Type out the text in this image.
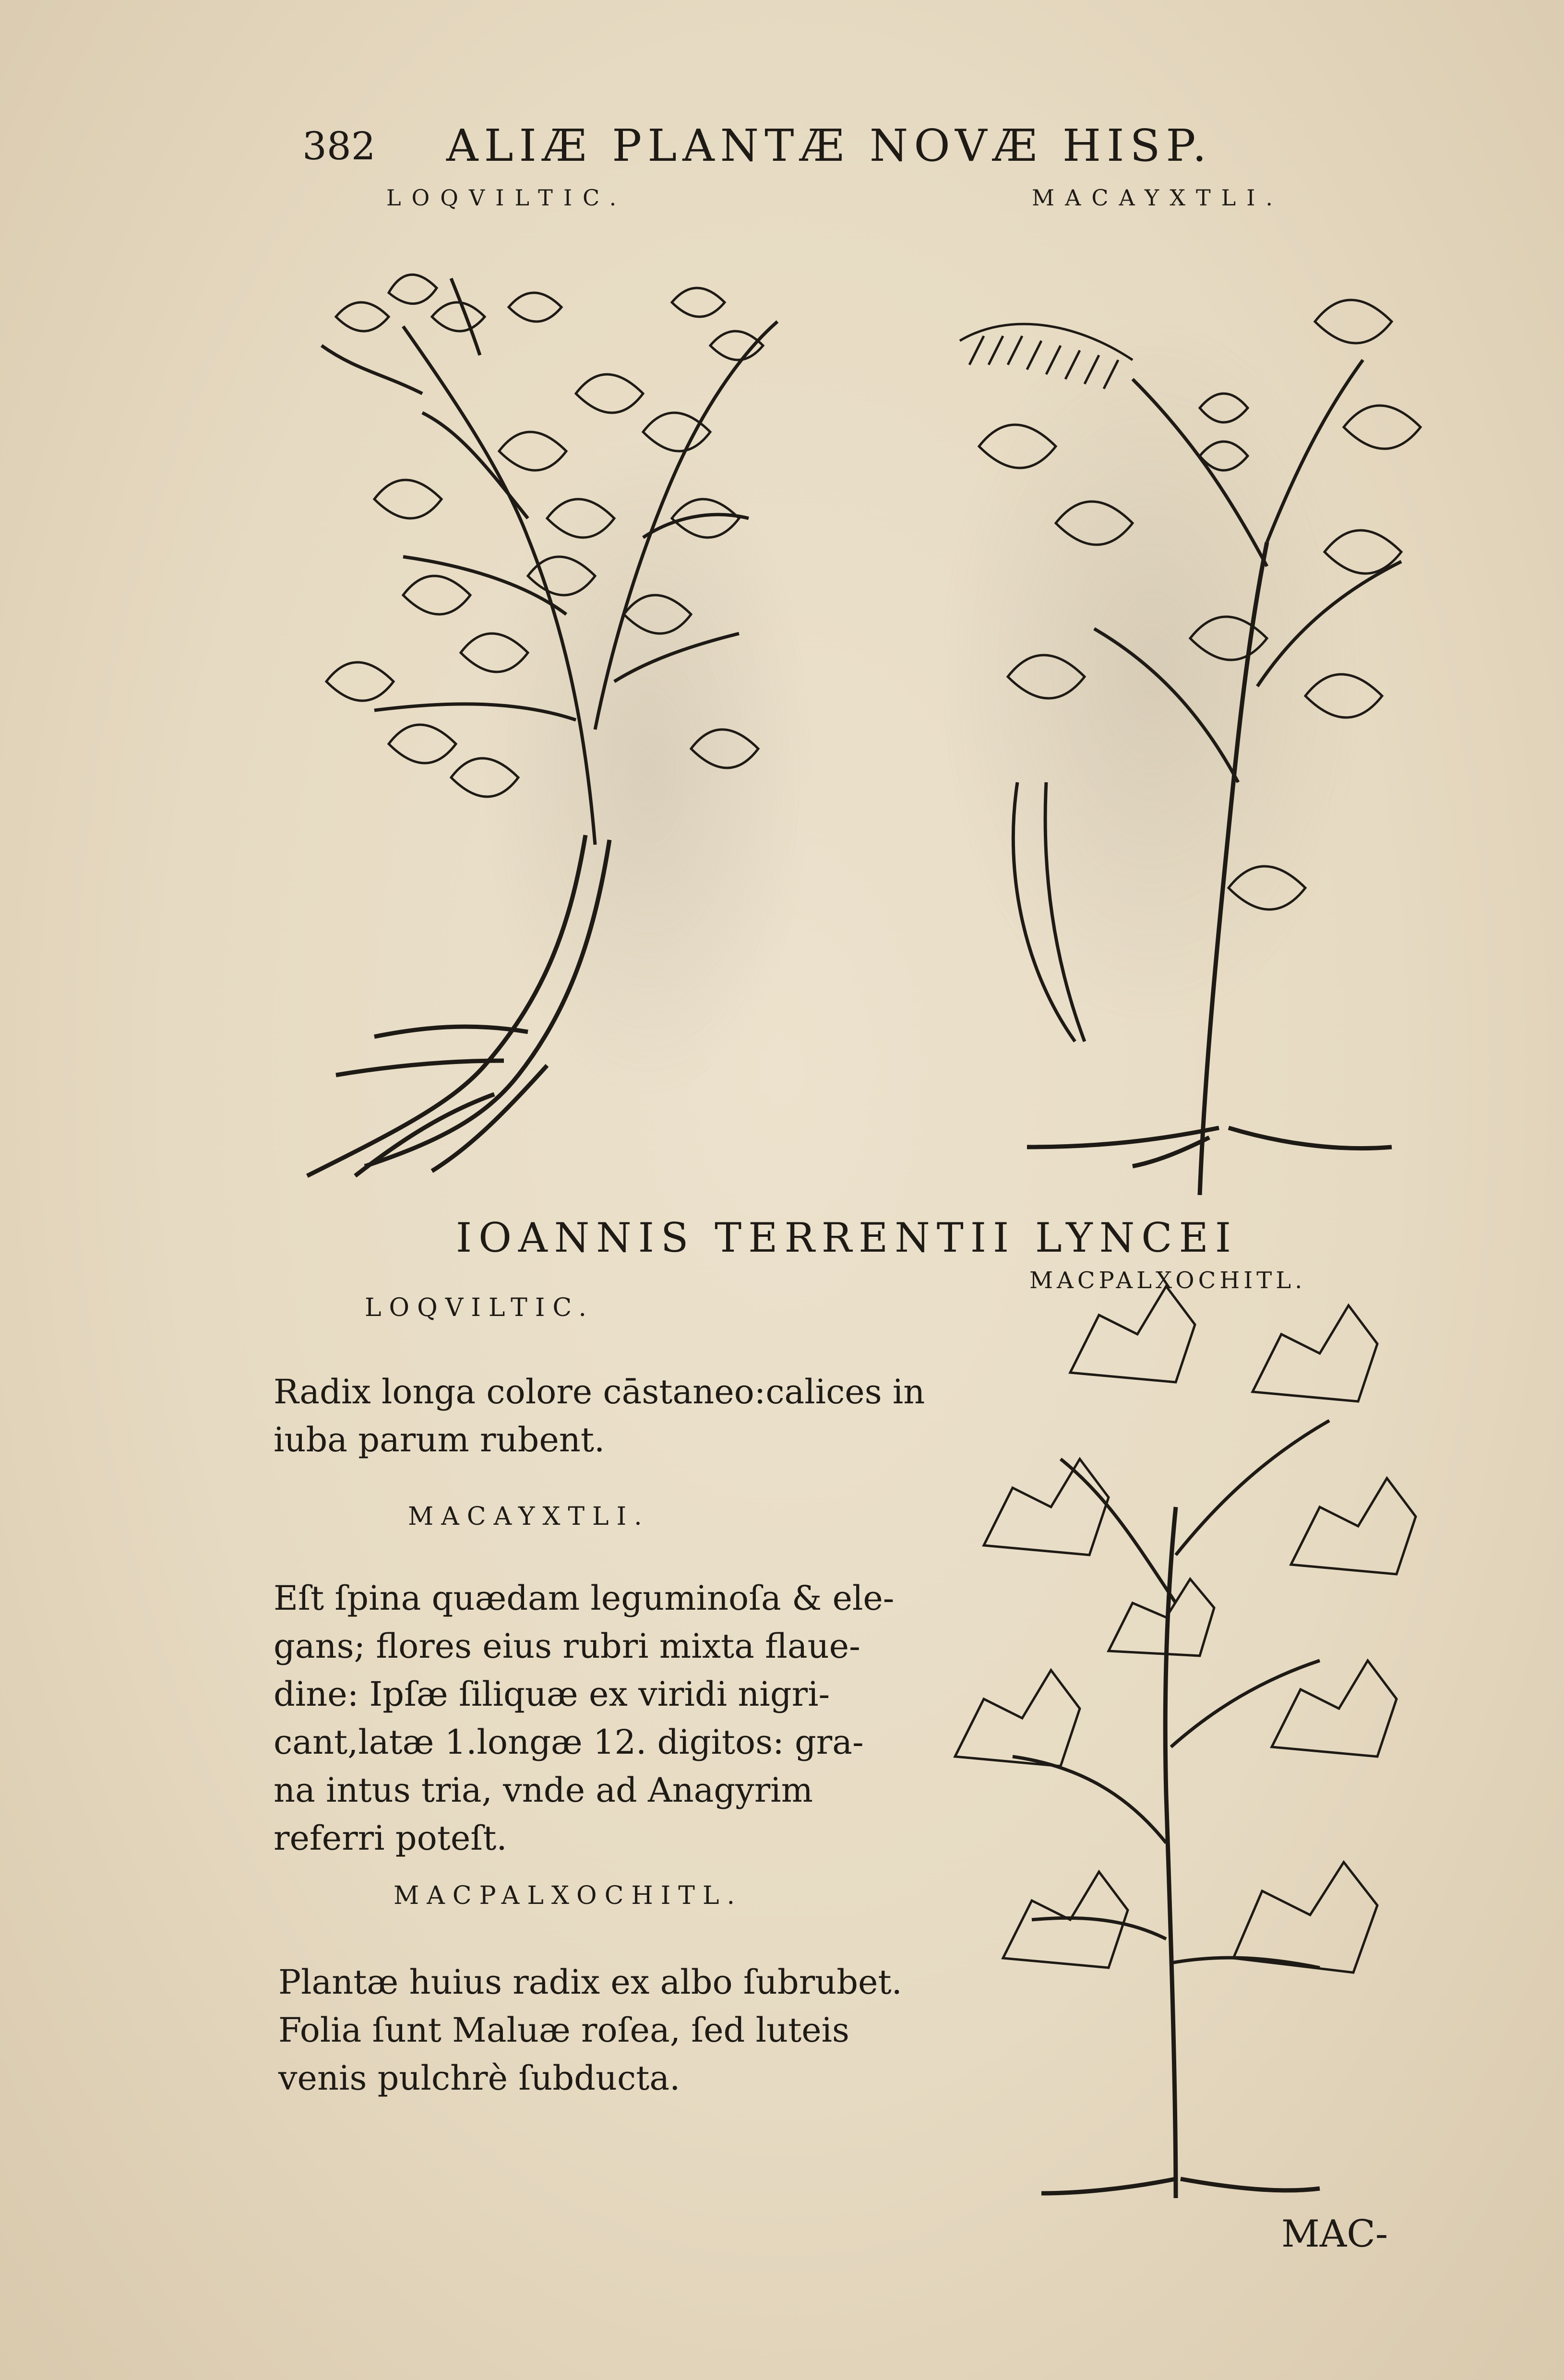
382 ALIÆ PLANTÆ NOVÆ HISP.
LOQVILTIC.	MACAYXTLI.
MACPALXOCHITL.
IOANNIS TERRENTII LYNCEI
LOQVILTIC.
Radix longa colore cāstaneo:calices in
iuba parum rubent.
MACAYXTLI.
Eſt ſpina quædam leguminoſa & ele-
gans; flores eius rubri mixta flaue-
dine: Ipſæ ſiliquæ ex viridi nigri-
cant,latæ 1.longæ 12. digitos: gra-
na intus tria, vnde ad Anagyrim
referri poteſt.
MACPALXOCHITL.
Plantæ huius radix ex albo ſubrubet.
Folia ſunt Maluæ roſea, ſed luteis
venis pulchrè ſubducta.
MAC-
